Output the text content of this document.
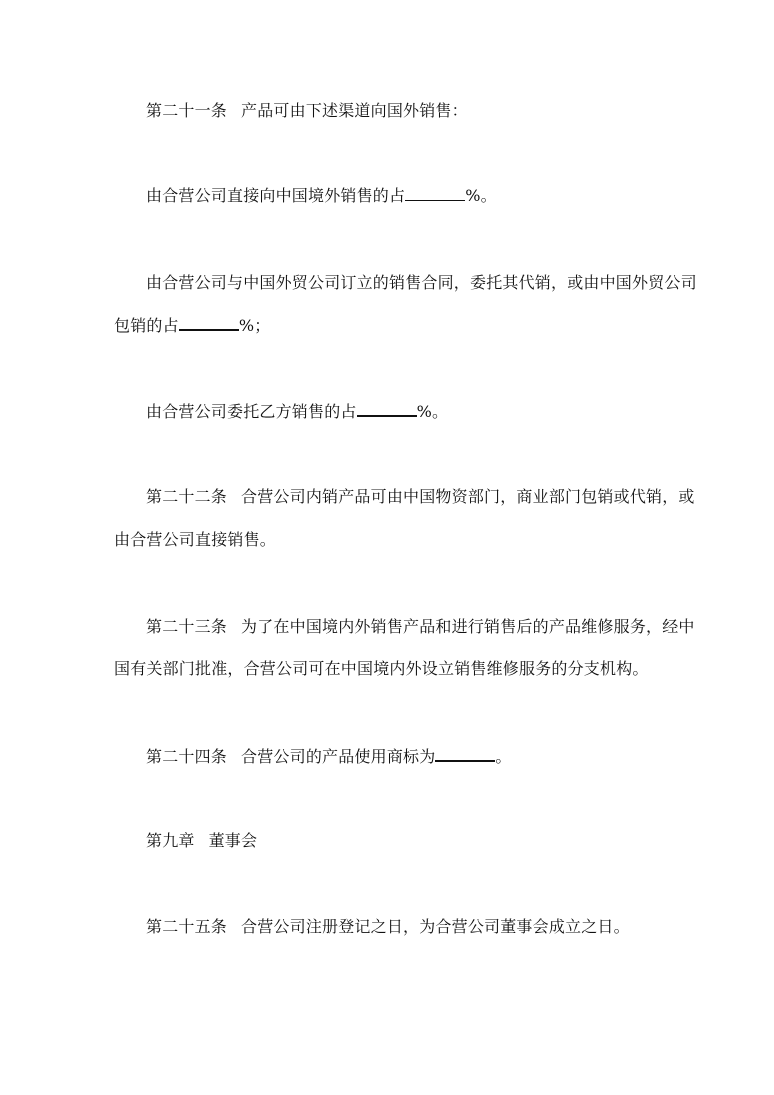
第二十一条 产品可由下述渠道向国外销售：
由合营公司直接向中国境外销售的占	%。
由合营公司与中国外贸公司订立的销售合同，委托其代销，或由中国外贸公司
包销的占	%；
由合营公司委托乙方销售的占	%。
第二十二条 合营公司内销产品可由中国物资部门，商业部门包销或代销，或
由合营公司直接销售。
第二十三条 为了在中国境内外销售产品和进行销售后的产品维修服务，经中
国有关部门批准，合营公司可在中国境内外设立销售维修服务的分支机构。
第二十四条 合营公司的产品使用商标为	。
第九章 董事会
第二十五条 合营公司注册登记之日，为合营公司董事会成立之日。
